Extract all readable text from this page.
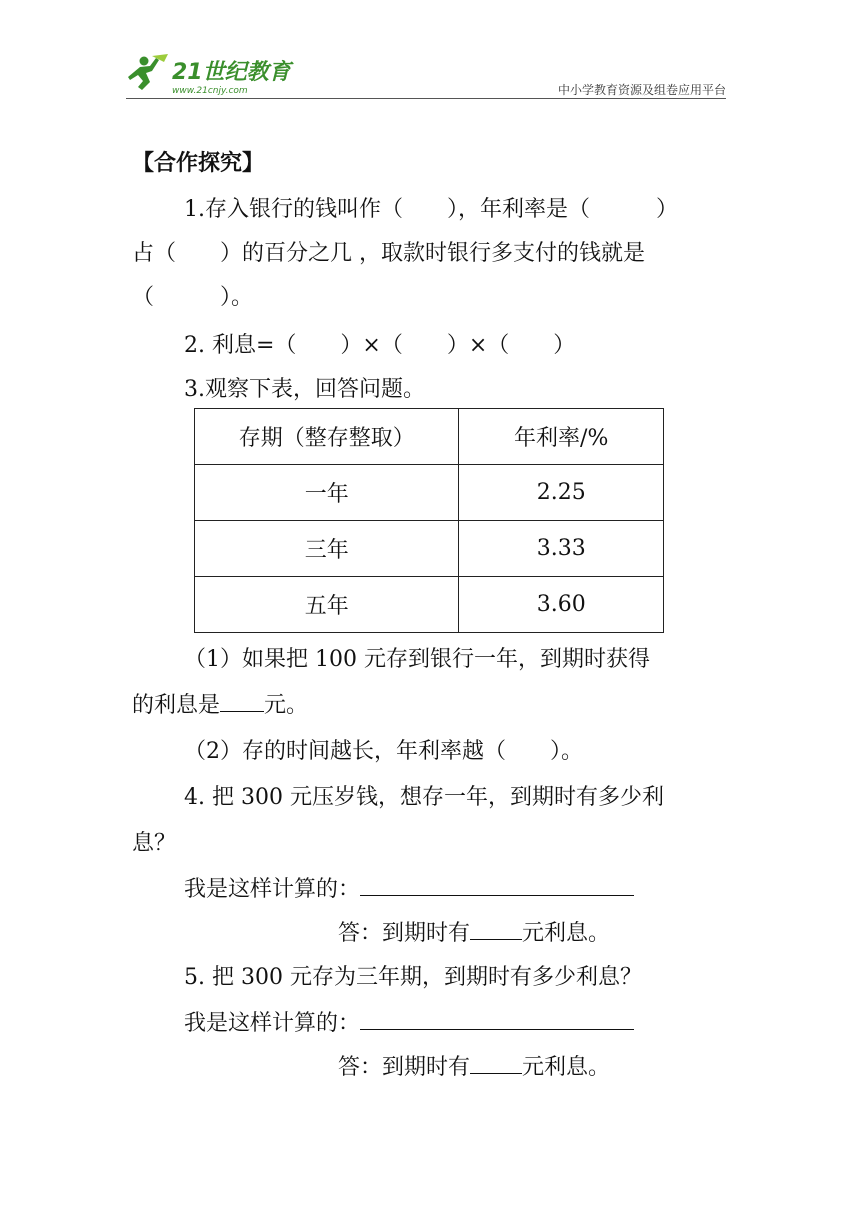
21世纪教育
www.21cnjy.com	中小学教育资源及组卷应用平台
【合作探究】
1.存入银行的钱叫作（　　），年利率是（　　　）
占（　　）的百分之几 ，取款时银行多支付的钱就是
（　　　）。
2. 利息=（　　）×（　　）×（　　）
3.观察下表，回答问题。
存期（整存整取）	年利率/%
一年	2.25
三年	3.33
五年	3.60
（1）如果把 100 元存到银行一年，到期时获得
的利息是 元。
（2）存的时间越长，年利率越（　　）。
4. 把 300 元压岁钱，想存一年，到期时有多少利
息？
我是这样计算的：
答：到期时有 元利息。
5. 把 300 元存为三年期，到期时有多少利息？
我是这样计算的：
答：到期时有 元利息。
